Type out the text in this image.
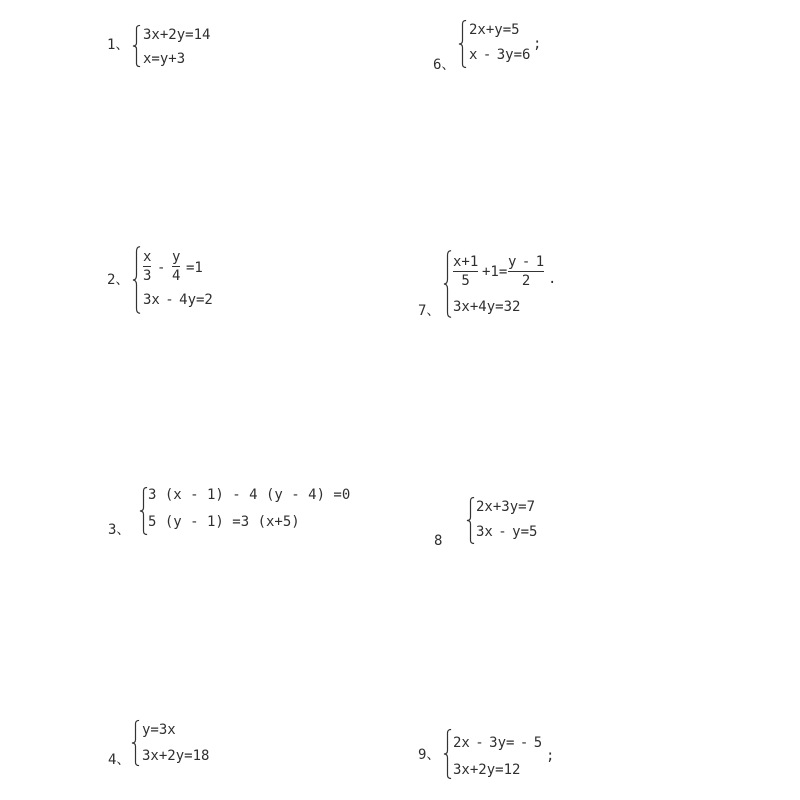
1、
3x+2y=14
x=y+3	6、
2x+y=5
x - 3y=6
;
2、
x
3 -
y
4 =1
3x - 4y=2
7、
x+1
5
+1=
y - 1
2 .
3x+4y=32
3、
3 (x - 1) - 4 (y - 4) =0
5 (y - 1) =3 (x+5)
8
2x+3y=7
3x - y=5
4、
y=3x
3x+2y=18	9、
2x - 3y= - 5
3x+2y=12
;
